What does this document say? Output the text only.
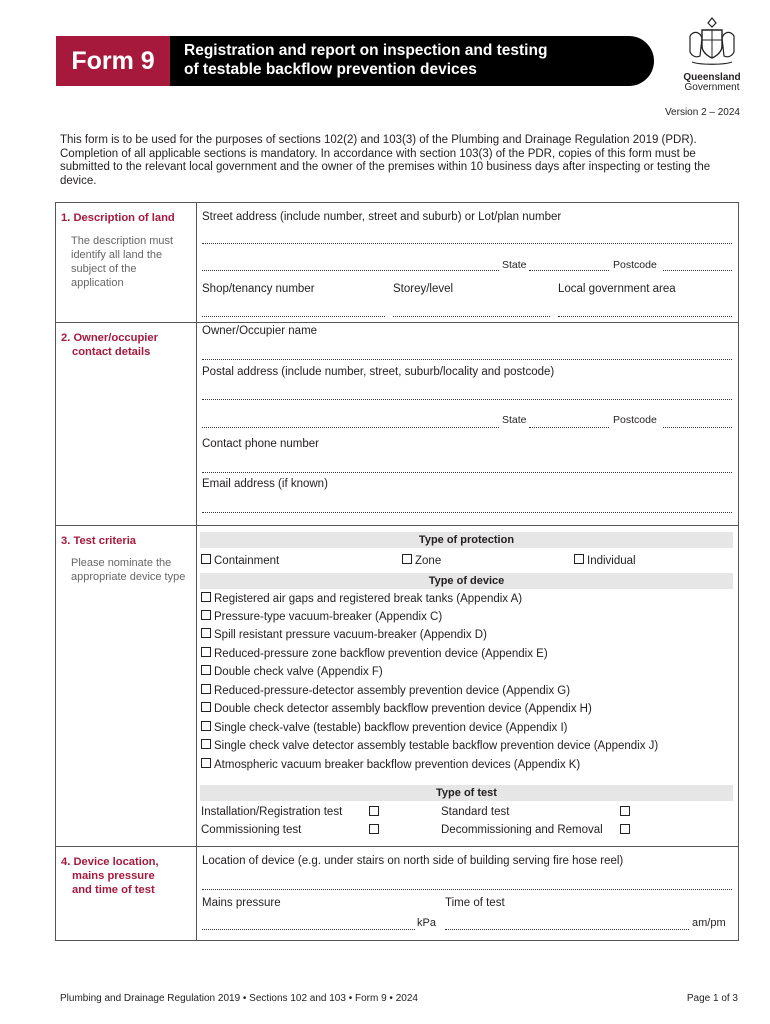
Form 9	Registration and report on inspection and testing
of testable backflow prevention devices	Queensland
Government
Version 2 – 2024
This form is to be used for the purposes of sections 102(2) and 103(3) of the Plumbing and Drainage Regulation 2019 (PDR). Completion of all applicable sections is mandatory. In accordance with section 103(3) of the PDR, copies of this form must be submitted to the relevant local government and the owner of the premises within 10 business days after inspecting or testing the device.
1. Description of land
The description must identify all land the subject of the application
Street address (include number, street and suburb) or Lot/plan number
State	Postcode
Shop/tenancy number	Storey/level	Local government area
2. Owner/occupier
contact details
Owner/Occupier name
Postal address (include number, street, suburb/locality and postcode)
State	Postcode
Contact phone number
Email address (if known)
3. Test criteria
Please nominate the appropriate device type
Type of protection
Containment	Zone	Individual
Type of device
Registered air gaps and registered break tanks (Appendix A)
Pressure-type vacuum-breaker (Appendix C)
Spill resistant pressure vacuum-breaker (Appendix D)
Reduced-pressure zone backflow prevention device (Appendix E)
Double check valve (Appendix F)
Reduced-pressure-detector assembly prevention device (Appendix G)
Double check detector assembly backflow prevention device (Appendix H)
Single check-valve (testable) backflow prevention device (Appendix I)
Single check valve detector assembly testable backflow prevention device (Appendix J)
Atmospheric vacuum breaker backflow prevention devices (Appendix K)
Type of test
Installation/Registration test	Standard test
Commissioning test	Decommissioning and Removal
4. Device location,
mains pressure
and time of test
Location of device (e.g. under stairs on north side of building serving fire hose reel)
Mains pressure	Time of test
kPa	am/pm
Plumbing and Drainage Regulation 2019 • Sections 102 and 103 • Form 9 • 2024	Page 1 of 3
